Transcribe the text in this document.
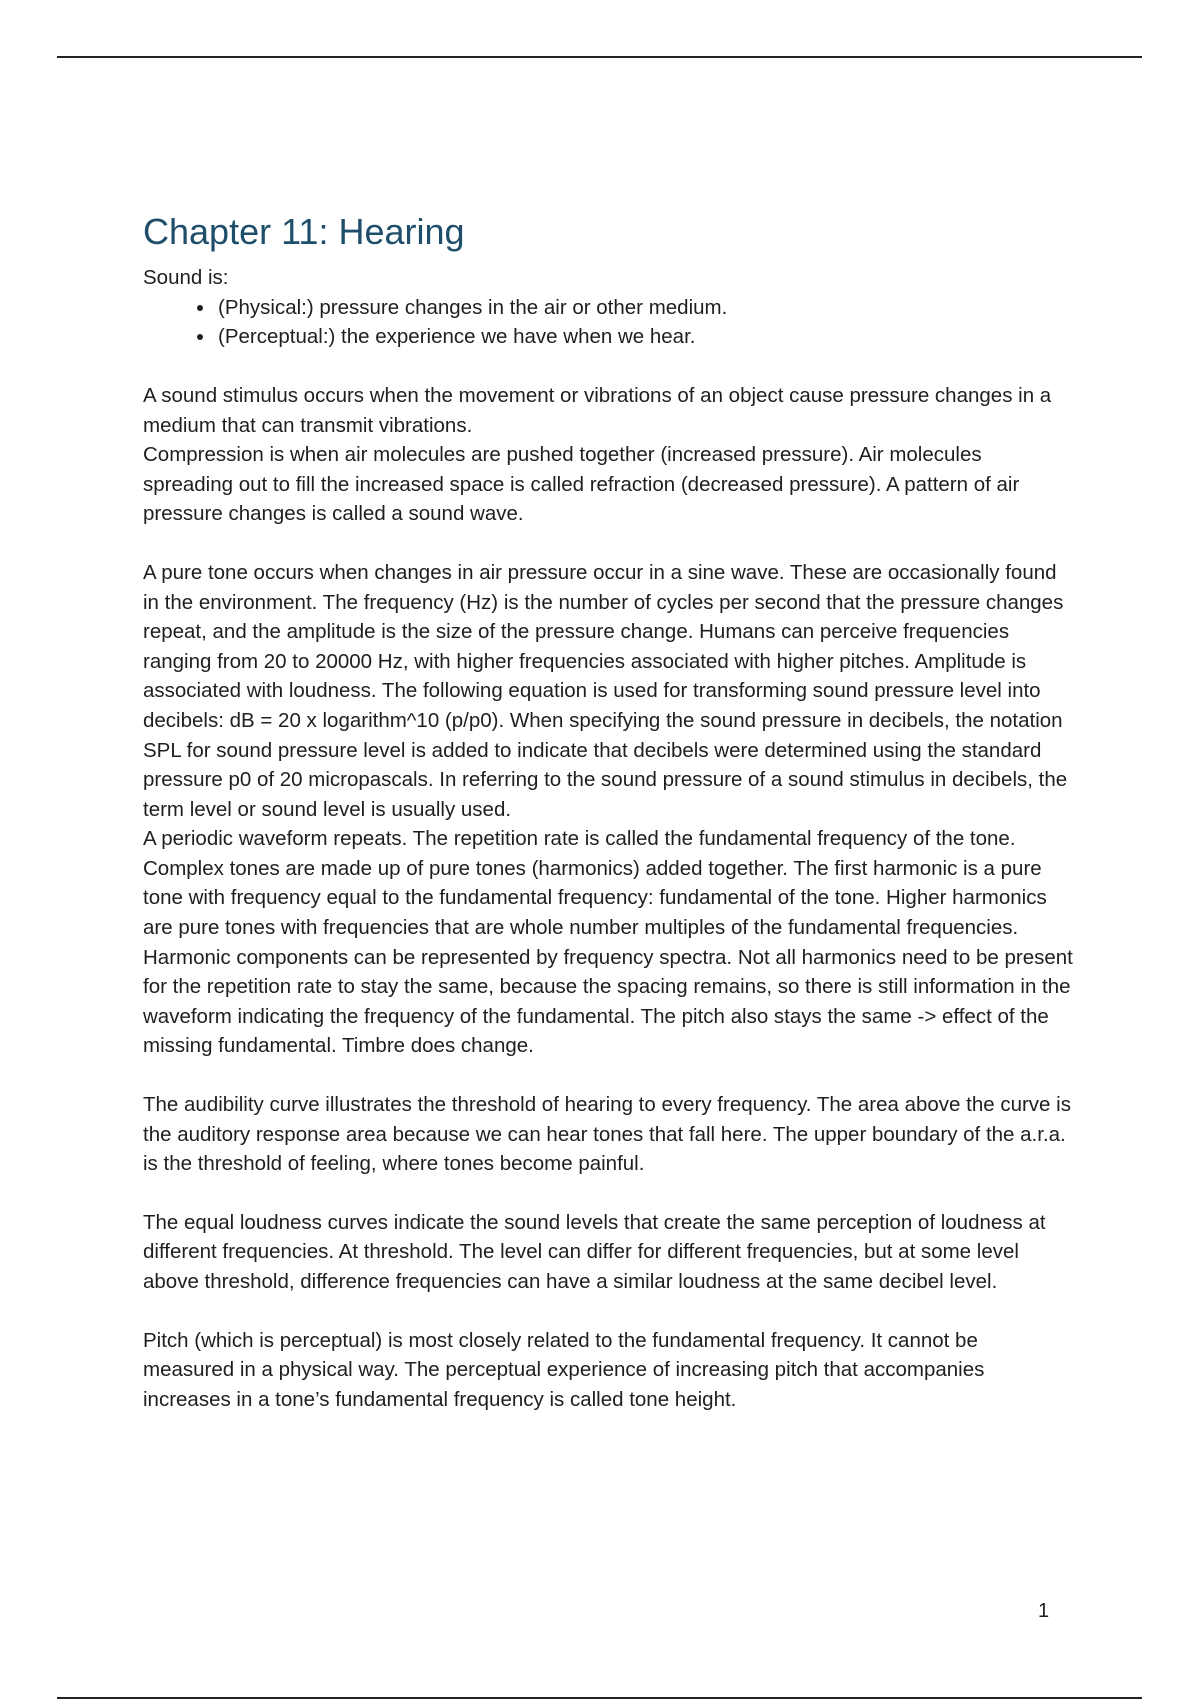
Chapter 11: Hearing

Sound is:

• (Physical:) pressure changes in the air or other medium.
• (Perceptual:) the experience we have when we hear.

A sound stimulus occurs when the movement or vibrations of an object cause pressure changes in a medium that can transmit vibrations.

Compression is when air molecules are pushed together (increased pressure). Air molecules spreading out to fill the increased space is called refraction (decreased pressure). A pattern of air pressure changes is called a sound wave.

A pure tone occurs when changes in air pressure occur in a sine wave. These are occasionally found in the environment. The frequency (Hz) is the number of cycles per second that the pressure changes repeat, and the amplitude is the size of the pressure change. Humans can perceive frequencies ranging from 20 to 20000 Hz, with higher frequencies associated with higher pitches. Amplitude is associated with loudness. The following equation is used for transforming sound pressure level into decibels: dB = 20 x logarithm^10 (p/p0). When specifying the sound pressure in decibels, the notation SPL for sound pressure level is added to indicate that decibels were determined using the standard pressure p0 of 20 micropascals. In referring to the sound pressure of a sound stimulus in decibels, the term level or sound level is usually used.

A periodic waveform repeats. The repetition rate is called the fundamental frequency of the tone.

Complex tones are made up of pure tones (harmonics) added together. The first harmonic is a pure tone with frequency equal to the fundamental frequency: fundamental of the tone. Higher harmonics are pure tones with frequencies that are whole number multiples of the fundamental frequencies. Harmonic components can be represented by frequency spectra. Not all harmonics need to be present for the repetition rate to stay the same, because the spacing remains, so there is still information in the waveform indicating the frequency of the fundamental. The pitch also stays the same -> effect of the missing fundamental. Timbre does change.

The audibility curve illustrates the threshold of hearing to every frequency. The area above the curve is the auditory response area because we can hear tones that fall here. The upper boundary of the a.r.a. is the threshold of feeling, where tones become painful.

The equal loudness curves indicate the sound levels that create the same perception of loudness at different frequencies. At threshold. The level can differ for different frequencies, but at some level above threshold, difference frequencies can have a similar loudness at the same decibel level.

Pitch (which is perceptual) is most closely related to the fundamental frequency. It cannot be measured in a physical way. The perceptual experience of increasing pitch that accompanies increases in a tone’s fundamental frequency is called tone height.

1
